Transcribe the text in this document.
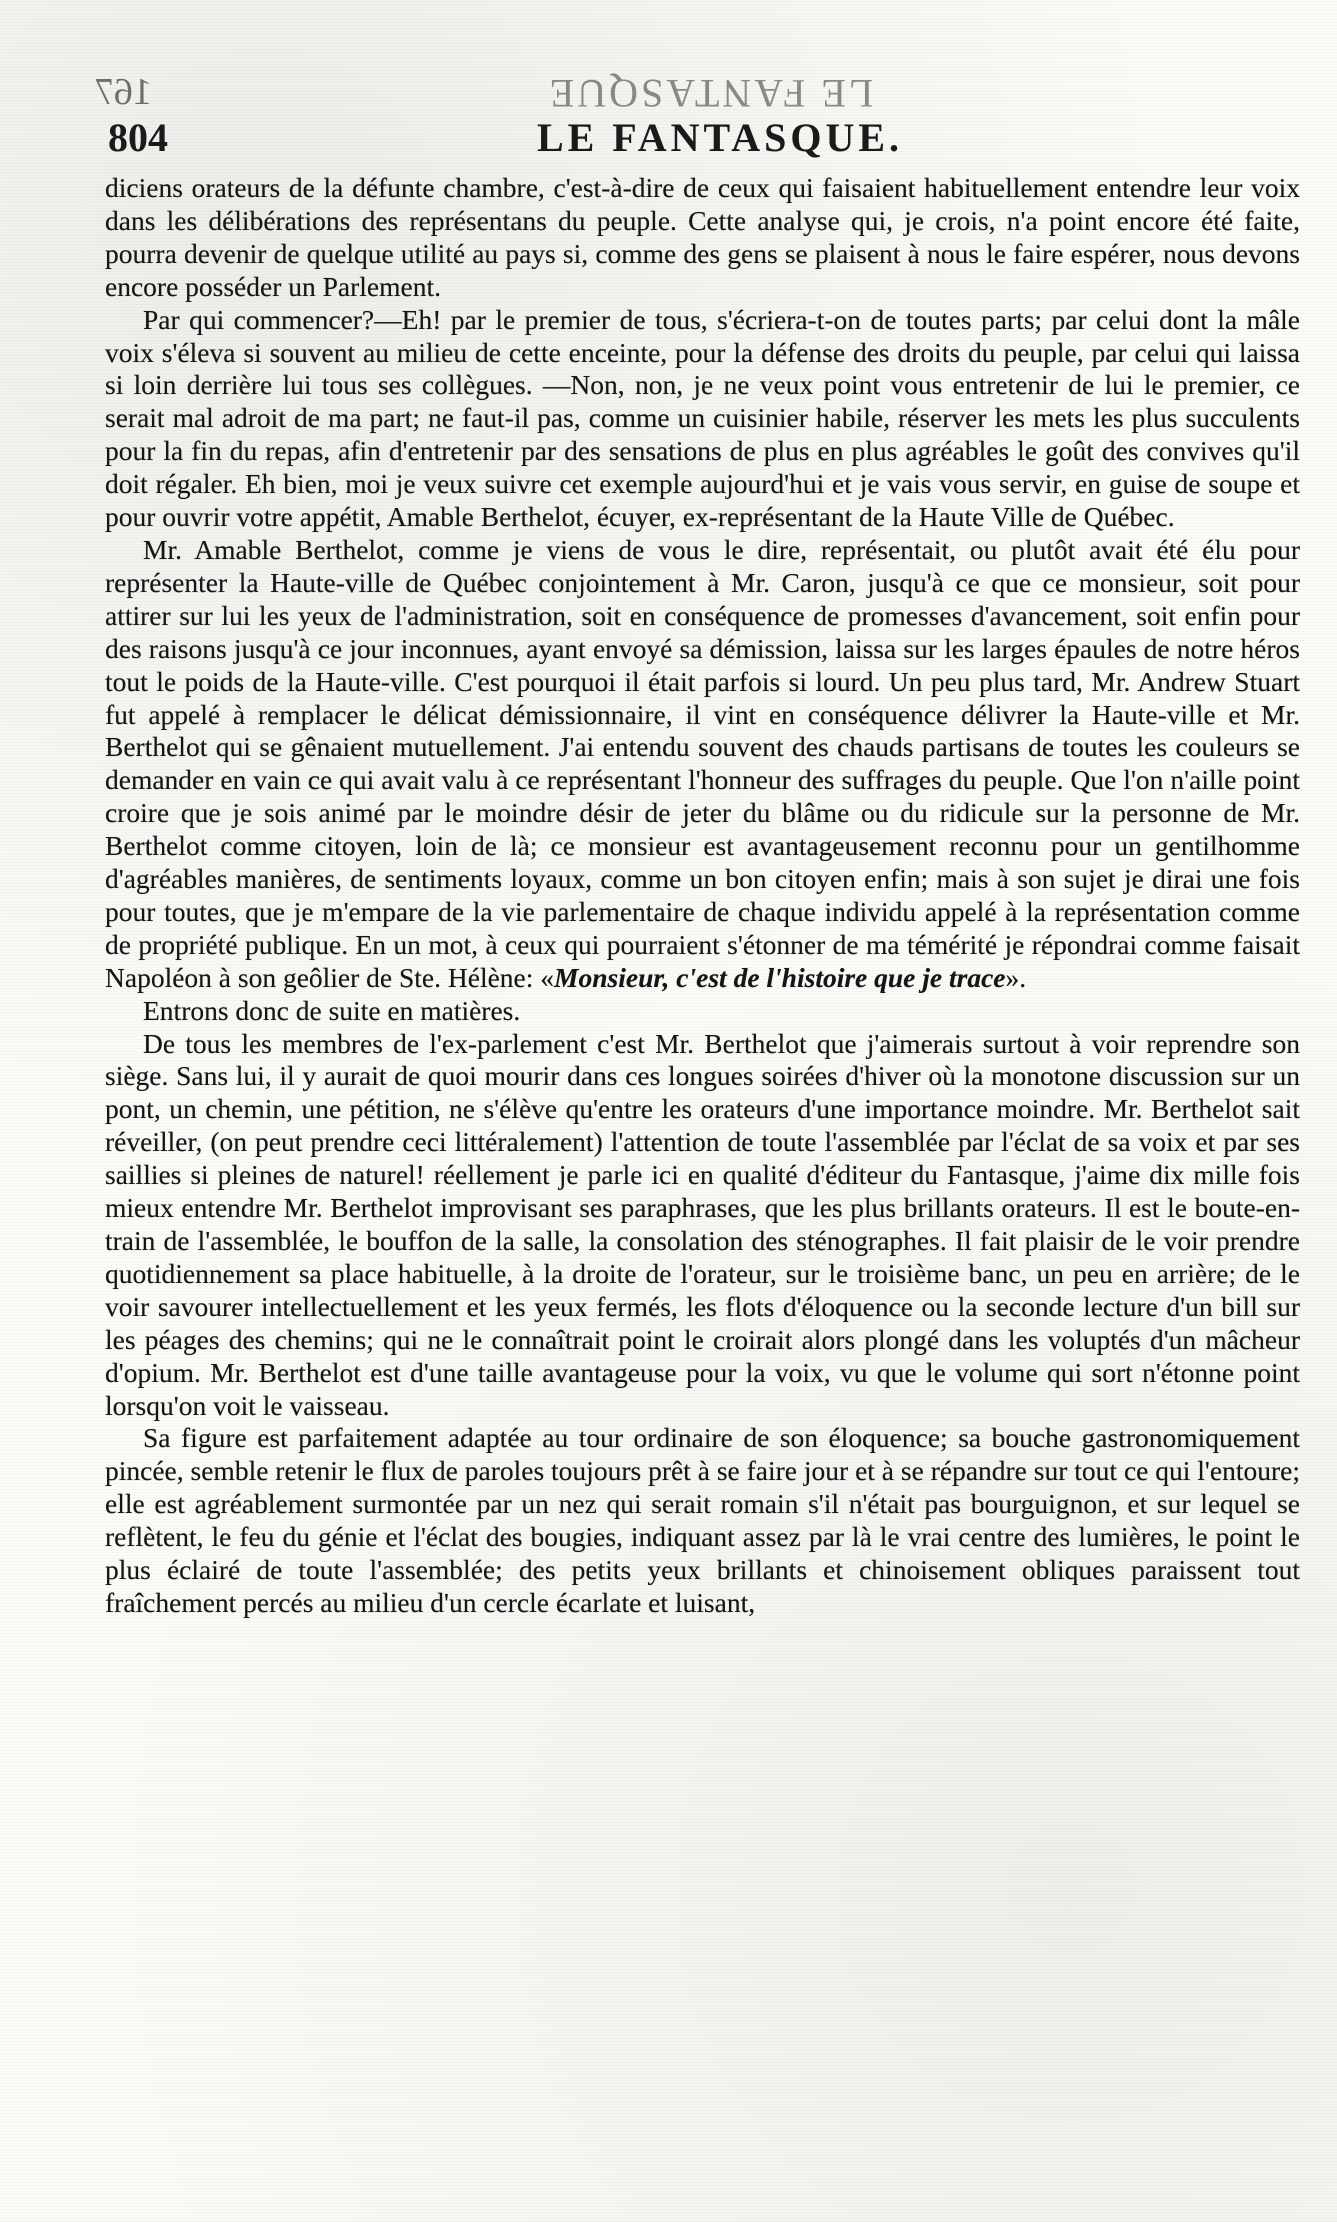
167	LE FANTASQUE
804	LE FANTASQUE.

diciens orateurs de la défunte chambre, c'est-à-dire de ceux qui faisaient habituellement entendre leur voix dans les délibérations des représentans du peuple. Cette analyse qui, je crois, n'a point encore été faite, pourra devenir de quelque utilité au pays si, comme des gens se plaisent à nous le faire espérer, nous devons encore posséder un Parlement.

Par qui commencer?—Eh! par le premier de tous, s'écriera-t-on de toutes parts; par celui dont la mâle voix s'éleva si souvent au milieu de cette enceinte, pour la défense des droits du peuple, par celui qui laissa si loin derrière lui tous ses collègues. —Non, non, je ne veux point vous entretenir de lui le premier, ce serait mal adroit de ma part; ne faut-il pas, comme un cuisinier habile, réserver les mets les plus succulents pour la fin du repas, afin d'entretenir par des sensations de plus en plus agréables le goût des convives qu'il doit régaler. Eh bien, moi je veux suivre cet exemple aujourd'hui et je vais vous servir, en guise de soupe et pour ouvrir votre appétit, Amable Berthelot, écuyer, ex-représentant de la Haute Ville de Québec.

Mr. Amable Berthelot, comme je viens de vous le dire, représentait, ou plutôt avait été élu pour représenter la Haute-ville de Québec conjointement à Mr. Caron, jusqu'à ce que ce monsieur, soit pour attirer sur lui les yeux de l'administration, soit en conséquence de promesses d'avancement, soit enfin pour des raisons jusqu'à ce jour inconnues, ayant envoyé sa démission, laissa sur les larges épaules de notre héros tout le poids de la Haute-ville. C'est pourquoi il était parfois si lourd. Un peu plus tard, Mr. Andrew Stuart fut appelé à remplacer le délicat démissionnaire, il vint en conséquence délivrer la Haute-ville et Mr. Berthelot qui se gênaient mutuellement. J'ai entendu souvent des chauds partisans de toutes les couleurs se demander en vain ce qui avait valu à ce représentant l'honneur des suffrages du peuple. Que l'on n'aille point croire que je sois animé par le moindre désir de jeter du blâme ou du ridicule sur la personne de Mr. Berthelot comme citoyen, loin de là; ce monsieur est avantageusement reconnu pour un gentilhomme d'agréables manières, de sentiments loyaux, comme un bon citoyen enfin; mais à son sujet je dirai une fois pour toutes, que je m'empare de la vie parlementaire de chaque individu appelé à la représentation comme de propriété publique. En un mot, à ceux qui pourraient s'étonner de ma témérité je répondrai comme faisait Napoléon à son geôlier de Ste. Hélène: «Monsieur, c'est de l'histoire que je trace».

Entrons donc de suite en matières.

De tous les membres de l'ex-parlement c'est Mr. Berthelot que j'aimerais surtout à voir reprendre son siège. Sans lui, il y aurait de quoi mourir dans ces longues soirées d'hiver où la monotone discussion sur un pont, un chemin, une pétition, ne s'élève qu'entre les orateurs d'une importance moindre. Mr. Berthelot sait réveiller, (on peut prendre ceci littéralement) l'attention de toute l'assemblée par l'éclat de sa voix et par ses saillies si pleines de naturel! réellement je parle ici en qualité d'éditeur du Fantasque, j'aime dix mille fois mieux entendre Mr. Berthelot improvisant ses paraphrases, que les plus brillants orateurs. Il est le boute-en-train de l'assemblée, le bouffon de la salle, la consolation des sténographes. Il fait plaisir de le voir prendre quotidiennement sa place habituelle, à la droite de l'orateur, sur le troisième banc, un peu en arrière; de le voir savourer intellectuellement et les yeux fermés, les flots d'éloquence ou la seconde lecture d'un bill sur les péages des chemins; qui ne le connaîtrait point le croirait alors plongé dans les voluptés d'un mâcheur d'opium. Mr. Berthelot est d'une taille avantageuse pour la voix, vu que le volume qui sort n'étonne point lorsqu'on voit le vaisseau.

Sa figure est parfaitement adaptée au tour ordinaire de son éloquence; sa bouche gastronomiquement pincée, semble retenir le flux de paroles toujours prêt à se faire jour et à se répandre sur tout ce qui l'entoure; elle est agréablement surmontée par un nez qui serait romain s'il n'était pas bourguignon, et sur lequel se reflètent, le feu du génie et l'éclat des bougies, indiquant assez par là le vrai centre des lumières, le point le plus éclairé de toute l'assemblée; des petits yeux brillants et chinoisement obliques paraissent tout fraîchement percés au milieu d'un cercle écarlate et luisant,
